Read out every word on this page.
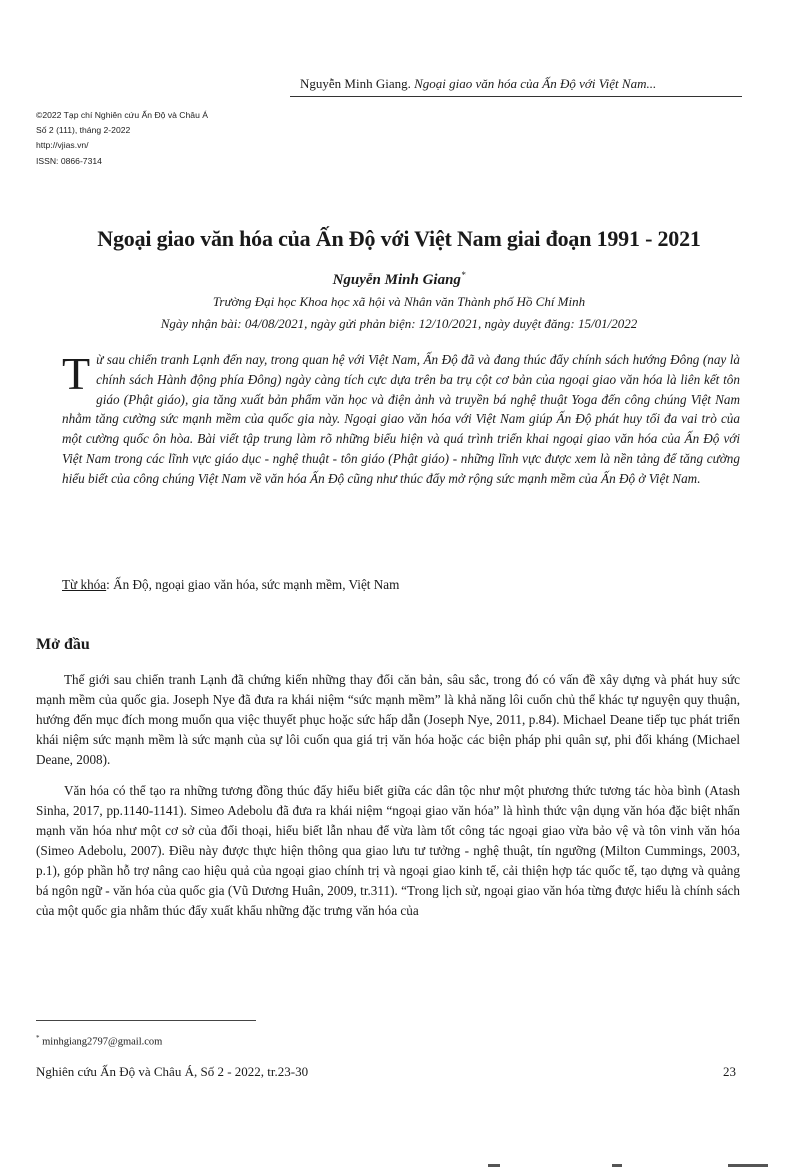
Nguyễn Minh Giang. Ngoại giao văn hóa của Ấn Độ với Việt Nam...
©2022 Tạp chí Nghiên cứu Ấn Độ và Châu Á
Số 2 (111), tháng 2-2022
http://vjias.vn/
ISSN: 0866-7314
Ngoại giao văn hóa của Ấn Độ với Việt Nam giai đoạn 1991 - 2021
Nguyễn Minh Giang*
Trường Đại học Khoa học xã hội và Nhân văn Thành phố Hồ Chí Minh
Ngày nhận bài: 04/08/2021, ngày gửi phản biện: 12/10/2021, ngày duyệt đăng: 15/01/2022
Từ sau chiến tranh Lạnh đến nay, trong quan hệ với Việt Nam, Ấn Độ đã và đang thúc đẩy chính sách hướng Đông (nay là chính sách Hành động phía Đông) ngày càng tích cực dựa trên ba trụ cột cơ bản của ngoại giao văn hóa là liên kết tôn giáo (Phật giáo), gia tăng xuất bản phẩm văn học và điện ảnh và truyền bá nghệ thuật Yoga đến công chúng Việt Nam nhằm tăng cường sức mạnh mềm của quốc gia này. Ngoại giao văn hóa với Việt Nam giúp Ấn Độ phát huy tối đa vai trò của một cường quốc ôn hòa. Bài viết tập trung làm rõ những biểu hiện và quá trình triển khai ngoại giao văn hóa của Ấn Độ với Việt Nam trong các lĩnh vực giáo dục - nghệ thuật - tôn giáo (Phật giáo) - những lĩnh vực được xem là nền tảng để tăng cường hiểu biết của công chúng Việt Nam về văn hóa Ấn Độ cũng như thúc đẩy mở rộng sức mạnh mềm của Ấn Độ ở Việt Nam.
Từ khóa: Ấn Độ, ngoại giao văn hóa, sức mạnh mềm, Việt Nam
Mở đầu

Thế giới sau chiến tranh Lạnh đã chứng kiến những thay đổi căn bản, sâu sắc, trong đó có vấn đề xây dựng và phát huy sức mạnh mềm của quốc gia. Joseph Nye đã đưa ra khái niệm “sức mạnh mềm” là khả năng lôi cuốn chủ thể khác tự nguyện quy thuận, hướng đến mục đích mong muốn qua việc thuyết phục hoặc sức hấp dẫn (Joseph Nye, 2011, p.84). Michael Deane tiếp tục phát triển khái niệm sức mạnh mềm là sức mạnh của sự lôi cuốn qua giá trị văn hóa hoặc các biện pháp phi quân sự, phi đối kháng (Michael Deane, 2008).

Văn hóa có thể tạo ra những tương đồng thúc đẩy hiểu biết giữa các dân tộc như một phương thức tương tác hòa bình (Atash Sinha, 2017, pp.1140-1141). Simeo Adebolu đã đưa ra khái niệm “ngoại giao văn hóa” là hình thức vận dụng văn hóa đặc biệt nhấn mạnh văn hóa như một cơ sở của đối thoại, hiểu biết lẫn nhau để vừa làm tốt công tác ngoại giao vừa bảo vệ và tôn vinh văn hóa (Simeo Adebolu, 2007). Điều này được thực hiện thông qua giao lưu tư tưởng - nghệ thuật, tín ngưỡng (Milton Cummings, 2003, p.1), góp phần hỗ trợ nâng cao hiệu quả của ngoại giao chính trị và ngoại giao kinh tế, cải thiện hợp tác quốc tế, tạo dựng và quảng bá ngôn ngữ - văn hóa của quốc gia (Vũ Dương Huân, 2009, tr.311). “Trong lịch sử, ngoại giao văn hóa từng được hiểu là chính sách của một quốc gia nhằm thúc đẩy xuất khẩu những đặc trưng văn hóa của

* minhgiang2797@gmail.com
Nghiên cứu Ấn Độ và Châu Á, Số 2 - 2022, tr.23-30	23
